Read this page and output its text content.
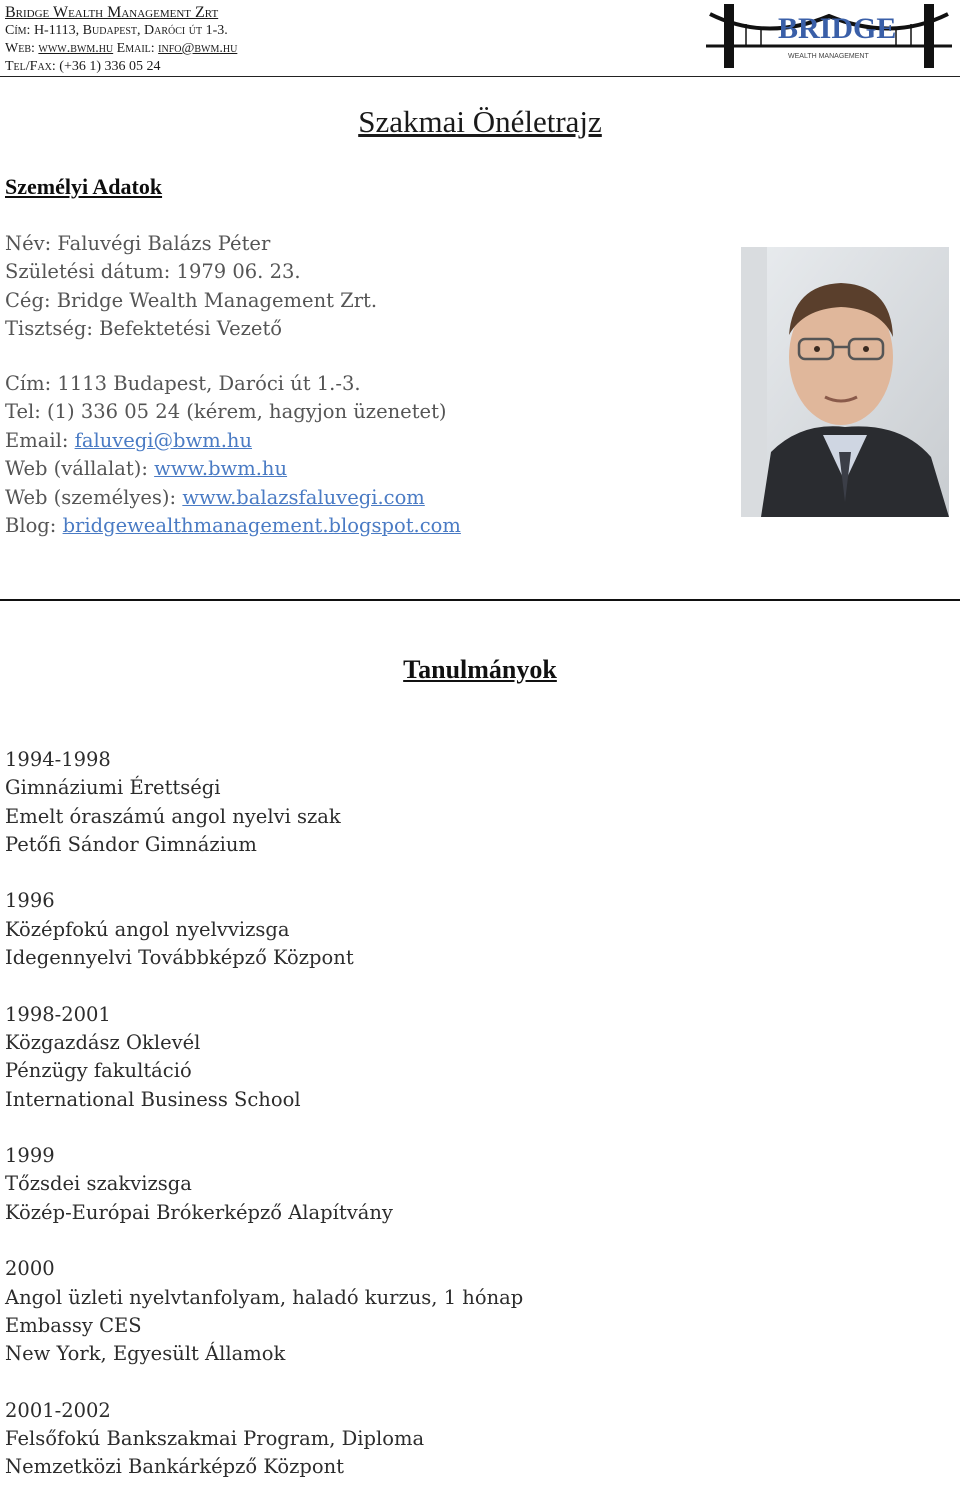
Bridge Wealth Management Zrt
Cím: H-1113, Budapest, Daróci út 1-3.
Web: www.bwm.hu Email: info@bwm.hu
Tel/Fax: (+36 1) 336 05 24
BRIDGE
WEALTH MANAGEMENT
Szakmai Önéletrajz
Személyi Adatok
Név: Faluvégi Balázs Péter
Születési dátum: 1979 06. 23.
Cég: Bridge Wealth Management Zrt.
Tisztség: Befektetési Vezető
Cím: 1113 Budapest, Daróci út 1.-3.
Tel: (1) 336 05 24 (kérem, hagyjon üzenetet)
Email: faluvegi@bwm.hu
Web (vállalat): www.bwm.hu
Web (személyes): www.balazsfaluvegi.com
Blog: bridgewealthmanagement.blogspot.com
Tanulmányok
1994-1998
Gimnáziumi Érettségi
Emelt óraszámú angol nyelvi szak
Petőfi Sándor Gimnázium
1996
Középfokú angol nyelvvizsga
Idegennyelvi Továbbképző Központ
1998-2001
Közgazdász Oklevél
Pénzügy fakultáció
International Business School
1999
Tőzsdei szakvizsga
Közép-Európai Brókerképző Alapítvány
2000
Angol üzleti nyelvtanfolyam, haladó kurzus, 1 hónap
Embassy CES
New York, Egyesült Államok
2001-2002
Felsőfokú Bankszakmai Program, Diploma
Nemzetközi Bankárképző Központ
